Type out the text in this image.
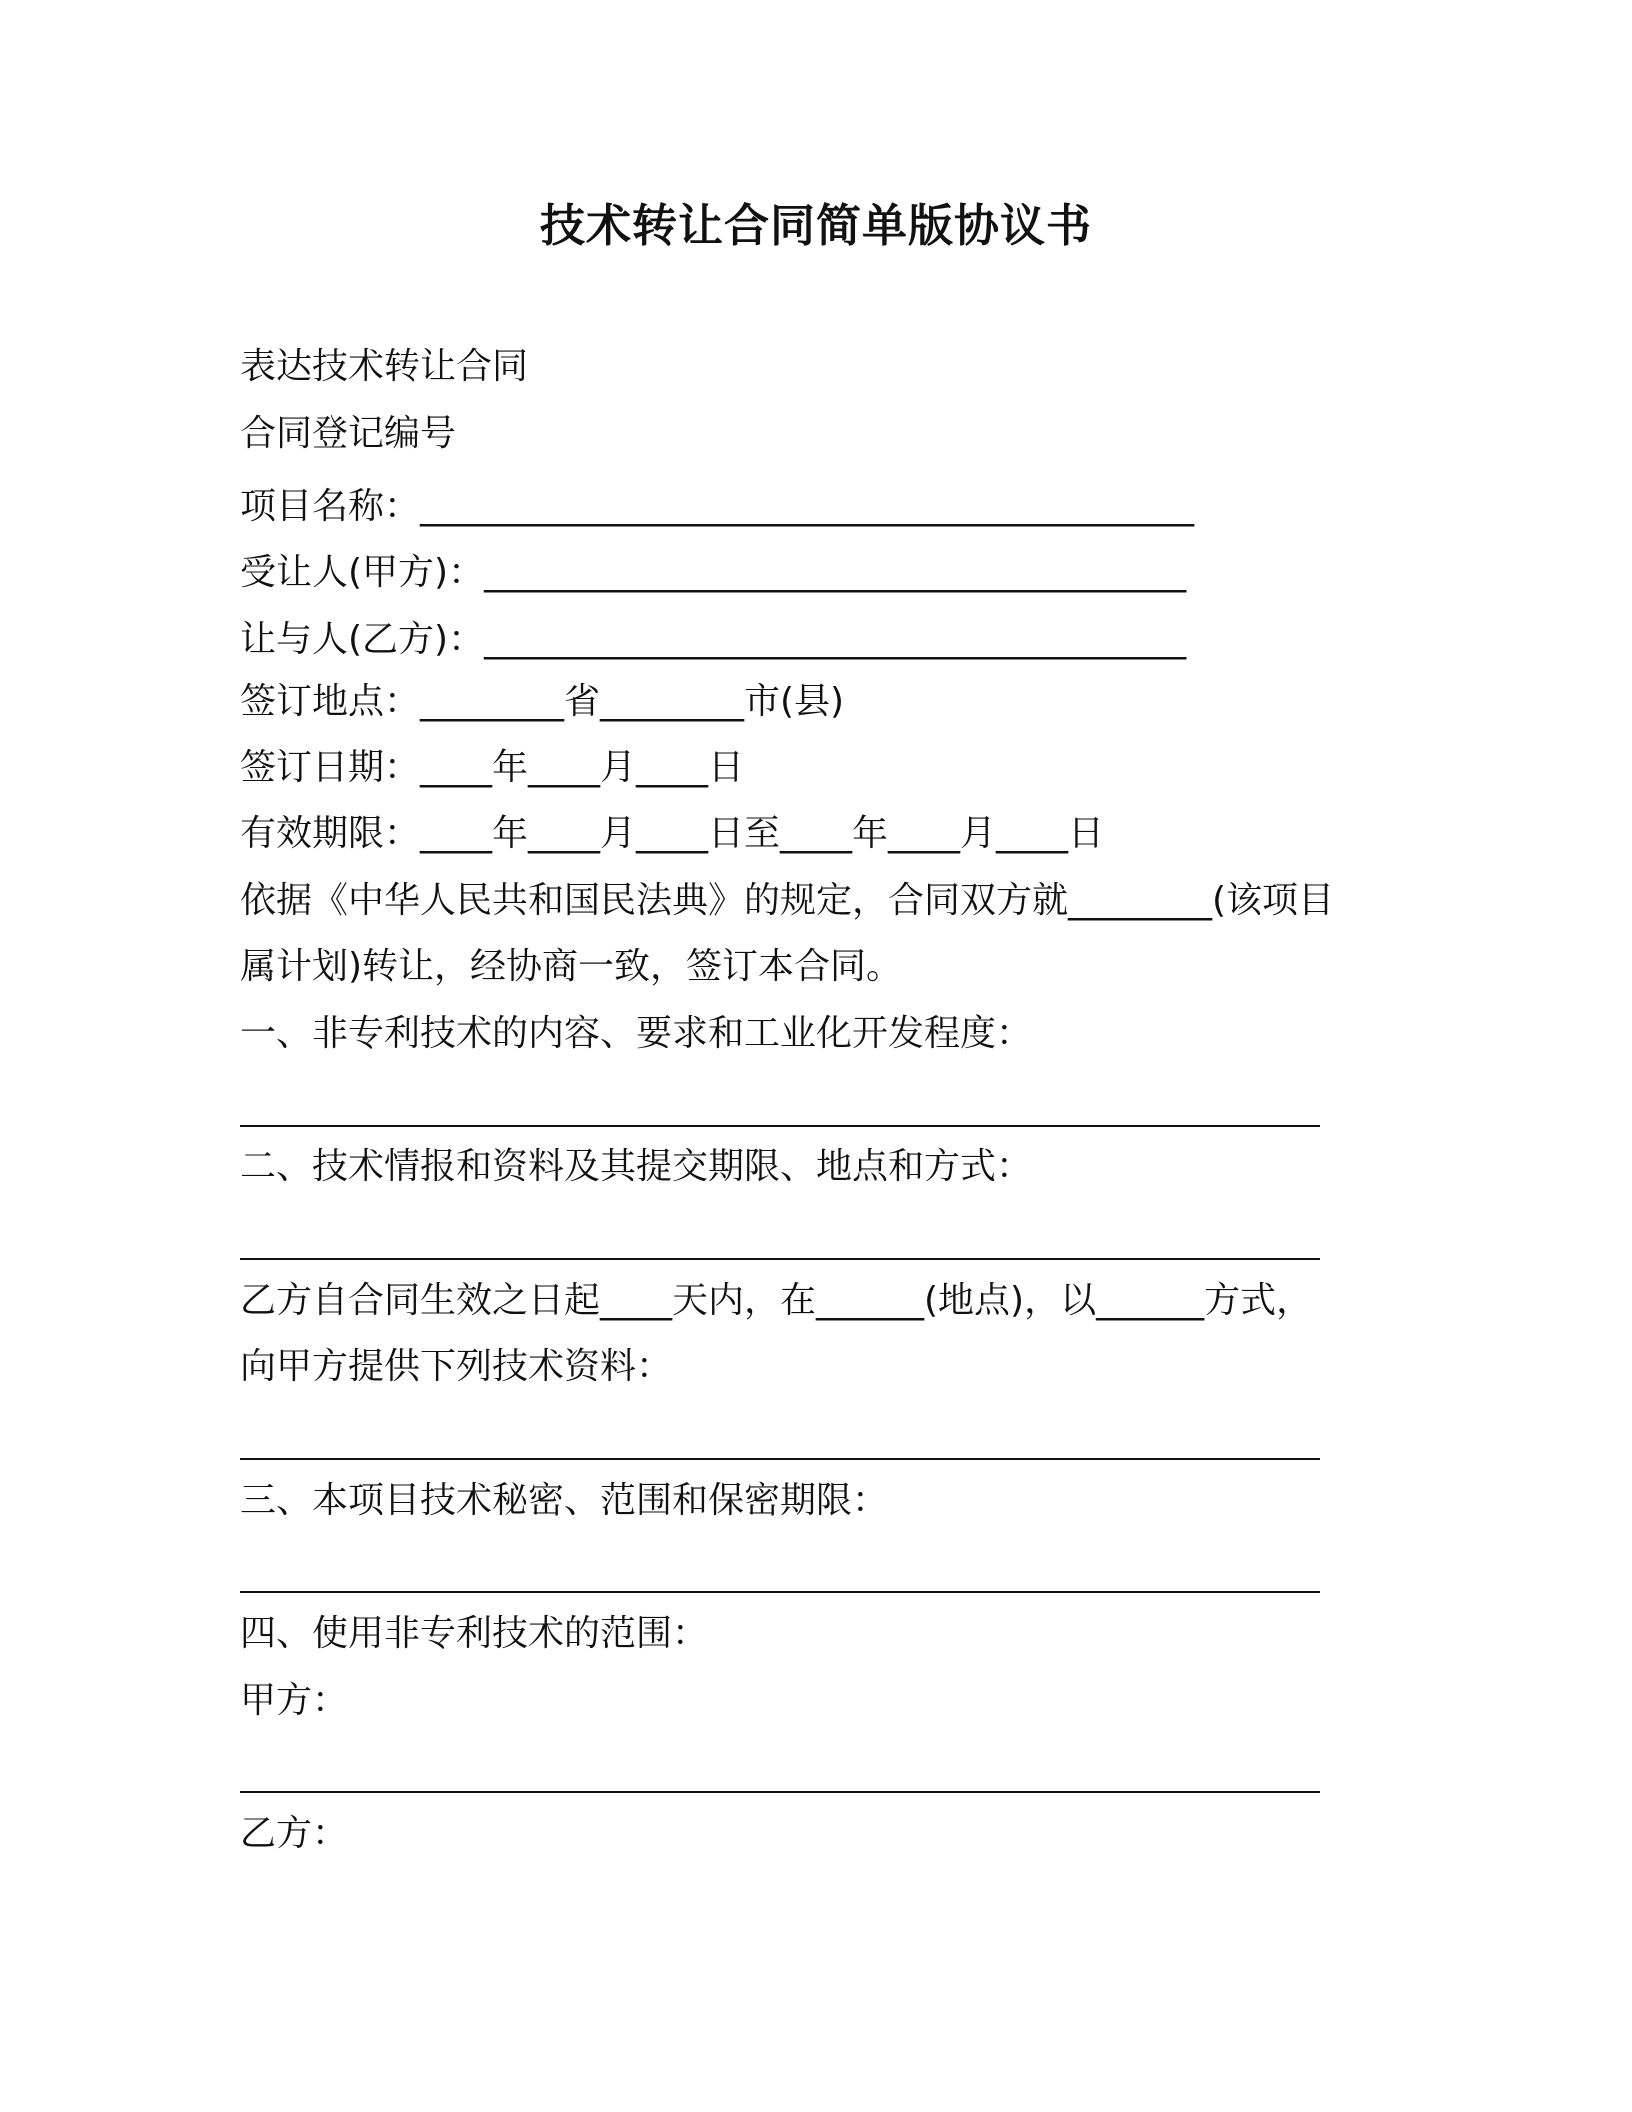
技术转让合同简单版协议书
表达技术转让合同
合同登记编号
项目名称：___________________________________________
受让人(甲方)：_______________________________________
让与人(乙方)：_______________________________________
签订地点：________省________市(县)
签订日期：____年____月____日
有效期限：____年____月____日至____年____月____日
依据《中华人民共和国民法典》的规定，合同双方就________(该项目
属计划)转让，经协商一致，签订本合同。
一、非专利技术的内容、要求和工业化开发程度：
二、技术情报和资料及其提交期限、地点和方式：
乙方自合同生效之日起____天内，在______(地点)，以______方式，
向甲方提供下列技术资料：
三、本项目技术秘密、范围和保密期限：
四、使用非专利技术的范围：
甲方：
乙方：
